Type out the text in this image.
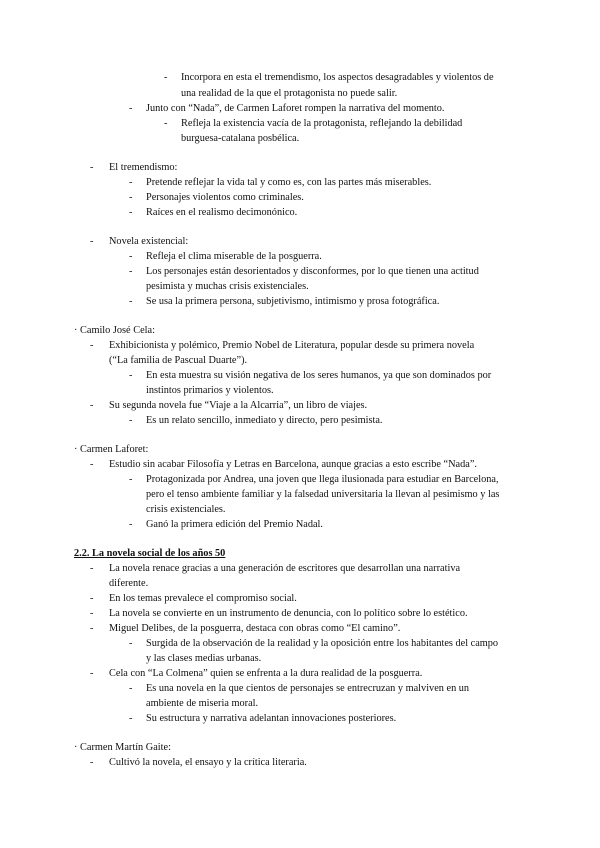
- Incorpora en esta el tremendismo, los aspectos desagradables y violentos de
una realidad de la que el protagonista no puede salir.
- Junto con “Nada”, de Carmen Laforet rompen la narrativa del momento.
- Refleja la existencia vacía de la protagonista, reflejando la debilidad
burguesa-catalana posbélica.
- El tremendismo:
- Pretende reflejar la vida tal y como es, con las partes más miserables.
- Personajes violentos como criminales.
- Raíces en el realismo decimonónico.
- Novela existencial:
- Refleja el clima miserable de la posguerra.
- Los personajes están desorientados y disconformes, por lo que tienen una actitud
pesimista y muchas crisis existenciales.
- Se usa la primera persona, subjetivismo, intimismo y prosa fotográfica.
· Camilo José Cela:
- Exhibicionista y polémico, Premio Nobel de Literatura, popular desde su primera novela
(“La familia de Pascual Duarte”).
- En esta muestra su visión negativa de los seres humanos, ya que son dominados por
instintos primarios y violentos.
- Su segunda novela fue “Viaje a la Alcarria”, un libro de viajes.
- Es un relato sencillo, inmediato y directo, pero pesimista.
· Carmen Laforet:
- Estudio sin acabar Filosofía y Letras en Barcelona, aunque gracias a esto escribe “Nada”.
- Protagonizada por Andrea, una joven que llega ilusionada para estudiar en Barcelona,
pero el tenso ambiente familiar y la falsedad universitaria la llevan al pesimismo y las
crisis existenciales.
- Ganó la primera edición del Premio Nadal.
2.2. La novela social de los años 50
- La novela renace gracias a una generación de escritores que desarrollan una narrativa
diferente.
- En los temas prevalece el compromiso social.
- La novela se convierte en un instrumento de denuncia, con lo político sobre lo estético.
- Miguel Delibes, de la posguerra, destaca con obras como “El camino”.
- Surgida de la observación de la realidad y la oposición entre los habitantes del campo
y las clases medias urbanas.
- Cela con “La Colmena” quien se enfrenta a la dura realidad de la posguerra.
- Es una novela en la que cientos de personajes se entrecruzan y malviven en un
ambiente de miseria moral.
- Su estructura y narrativa adelantan innovaciones posteriores.
· Carmen Martín Gaite:
- Cultivó la novela, el ensayo y la crítica literaria.
